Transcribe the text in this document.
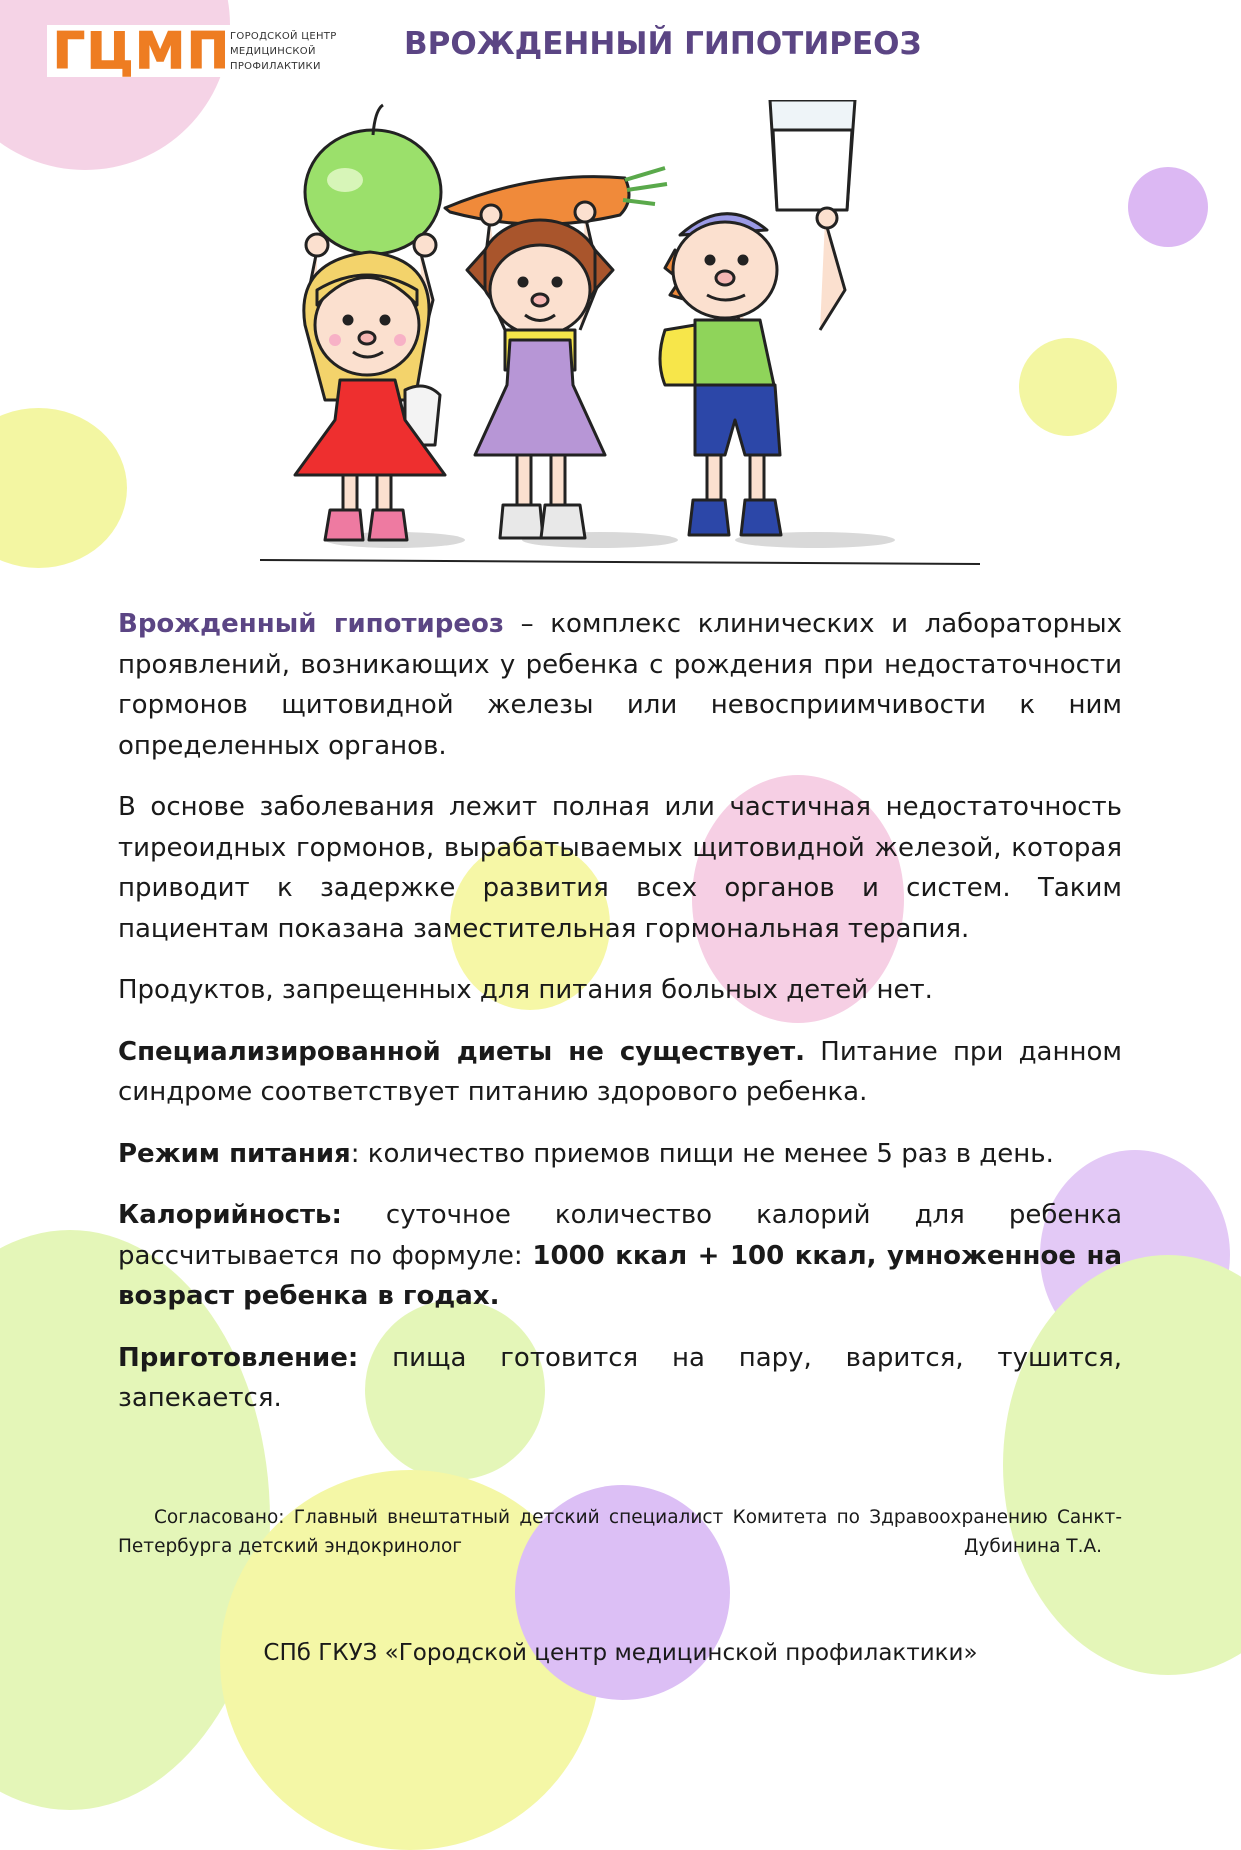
ГЦМП ГОРОДСКОЙ ЦЕНТР МЕДИЦИНСКОЙ ПРОФИЛАКТИКИ
ВРОЖДЕННЫЙ ГИПОТИРЕОЗ

Врожденный гипотиреоз – комплекс клинических и лабораторных проявлений, возникающих у ребенка с рождения при недостаточности гормонов щитовидной железы или невосприимчивости к ним определенных органов.

В основе заболевания лежит полная или частичная недостаточность тиреоидных гормонов, вырабатываемых щитовидной железой, которая приводит к задержке развития всех органов и систем. Таким пациентам показана заместительная гормональная терапия.

Продуктов, запрещенных для питания больных детей нет.

Специализированной диеты не существует. Питание при данном синдроме соответствует питанию здорового ребенка.

Режим питания: количество приемов пищи не менее 5 раз в день.

Калорийность: суточное количество калорий для ребенка рассчитывается по формуле: 1000 ккал + 100 ккал, умноженное на возраст ребенка в годах.

Приготовление: пища готовится на пару, варится, тушится, запекается.

Согласовано: Главный внештатный детский специалист Комитета по Здравоохранению Санкт-Петербурга детский эндокринолог	Дубинина Т.А.
СПб ГКУЗ «Городской центр медицинской профилактики»
